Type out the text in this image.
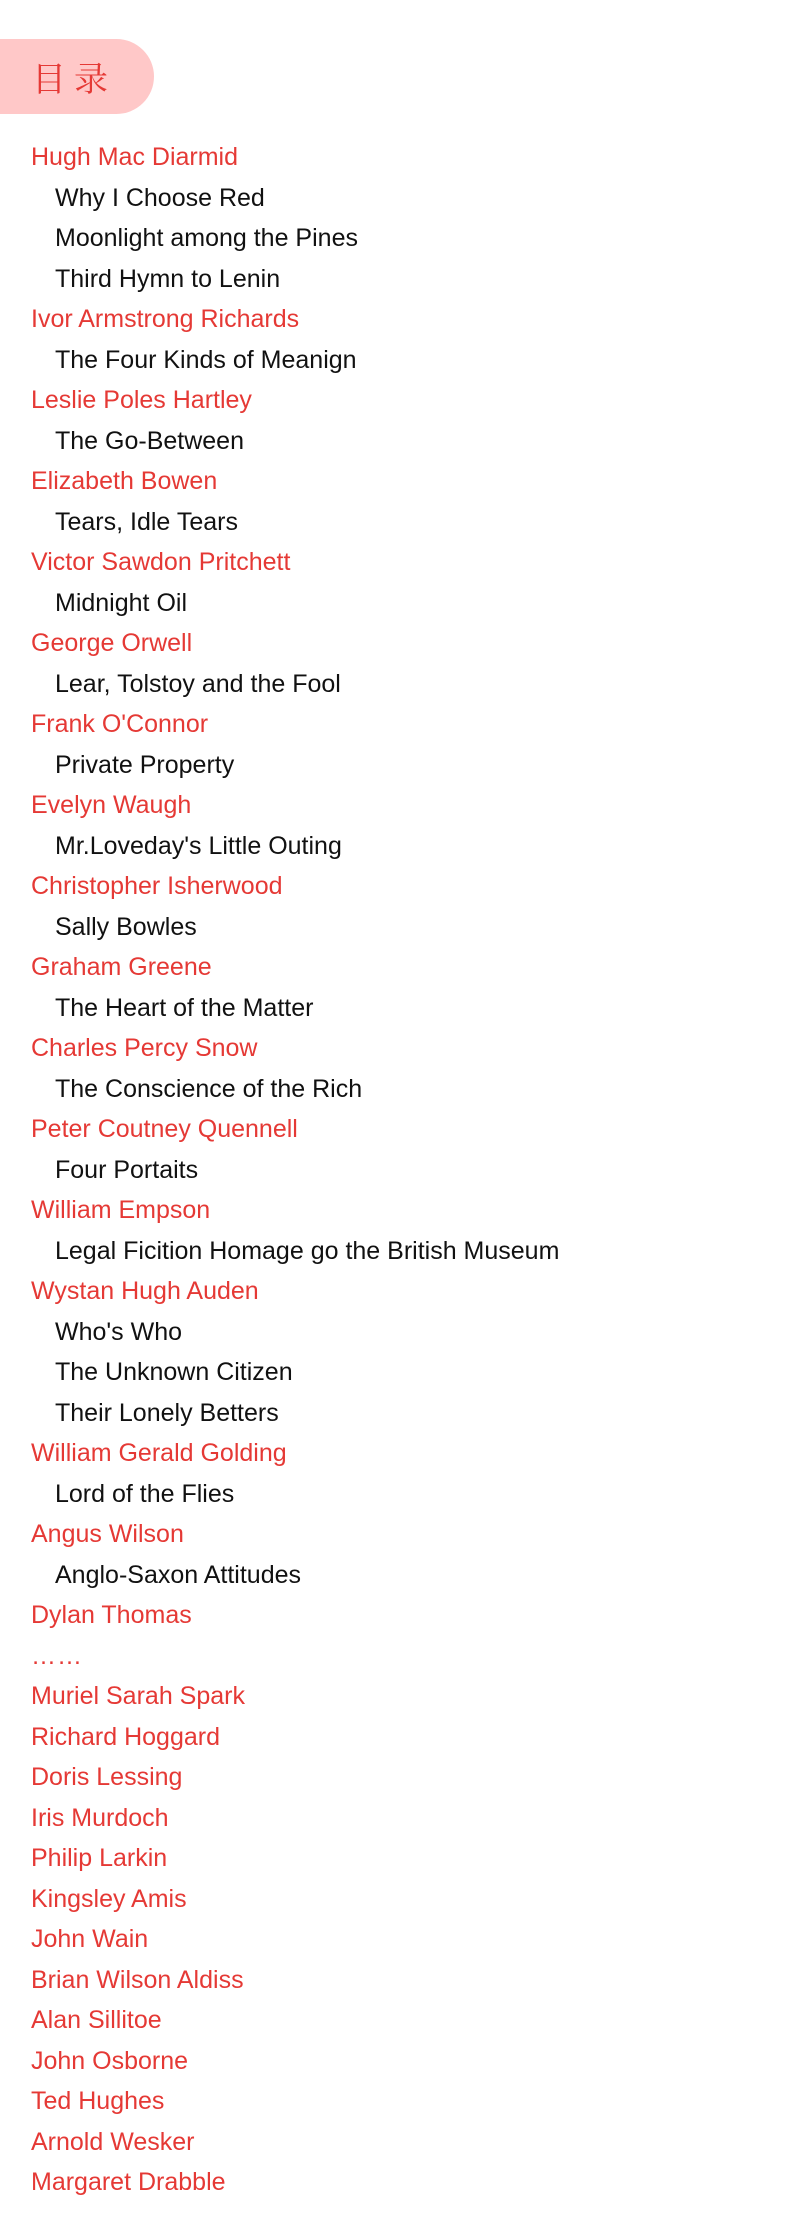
目录
Hugh Mac Diarmid
Why I Choose Red
Moonlight among the Pines
Third Hymn to Lenin
Ivor Armstrong Richards
The Four Kinds of Meanign
Leslie Poles Hartley
The Go-Between
Elizabeth Bowen
Tears, Idle Tears
Victor Sawdon Pritchett
Midnight Oil
George Orwell
Lear, Tolstoy and the Fool
Frank O'Connor
Private Property
Evelyn Waugh
Mr.Loveday's Little Outing
Christopher Isherwood
Sally Bowles
Graham Greene
The Heart of the Matter
Charles Percy Snow
The Conscience of the Rich
Peter Coutney Quennell
Four Portaits
William Empson
Legal Ficition Homage go the British Museum
Wystan Hugh Auden
Who's Who
The Unknown Citizen
Their Lonely Betters
William Gerald Golding
Lord of the Flies
Angus Wilson
Anglo-Saxon Attitudes
Dylan Thomas
……
Muriel Sarah Spark
Richard Hoggard
Doris Lessing
Iris Murdoch
Philip Larkin
Kingsley Amis
John Wain
Brian Wilson Aldiss
Alan Sillitoe
John Osborne
Ted Hughes
Arnold Wesker
Margaret Drabble
